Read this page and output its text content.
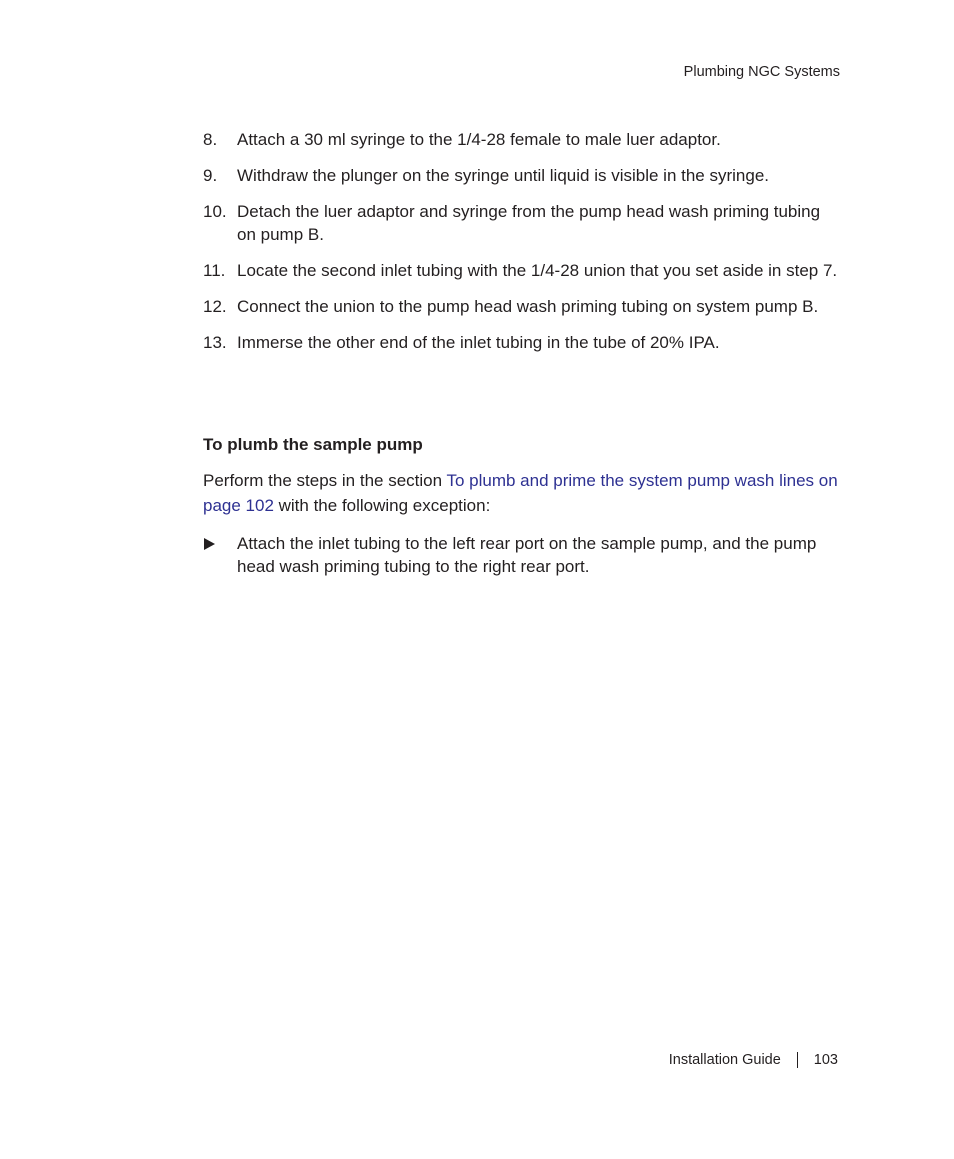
Plumbing NGC Systems
8. Attach a 30 ml syringe to the 1/4-28 female to male luer adaptor.
9. Withdraw the plunger on the syringe until liquid is visible in the syringe.
10. Detach the luer adaptor and syringe from the pump head wash priming tubing on pump B.
11. Locate the second inlet tubing with the 1/4-28 union that you set aside in step 7.
12. Connect the union to the pump head wash priming tubing on system pump B.
13. Immerse the other end of the inlet tubing in the tube of 20% IPA.
To plumb the sample pump

Perform the steps in the section To plumb and prime the system pump wash lines on page 102 with the following exception:

Attach the inlet tubing to the left rear port on the sample pump, and the pump head wash priming tubing to the right rear port.
Installation Guide 103
